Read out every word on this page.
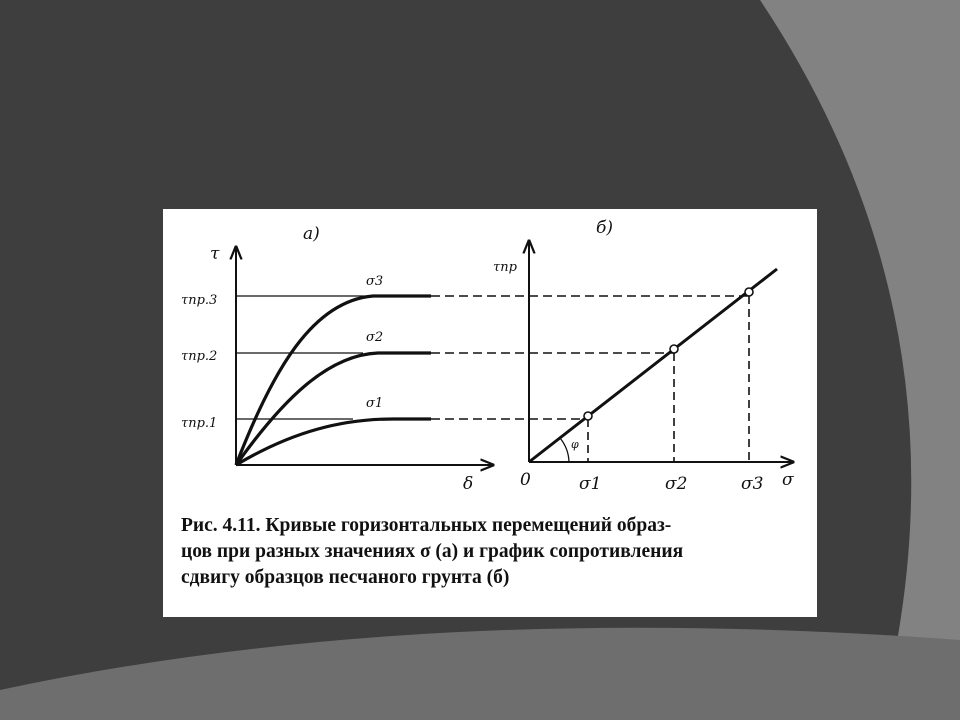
а)
τ
δ
τпр.3
τпр.2
τпр.1
σ3
σ2
σ1
б)
τпр
σ
0
φ
σ1	σ2	σ3
Рис. 4.11. Кривые горизонтальных перемещений образ-
цов при разных значениях σ (а) и график сопротивления
сдвигу образцов песчаного грунта (б)
